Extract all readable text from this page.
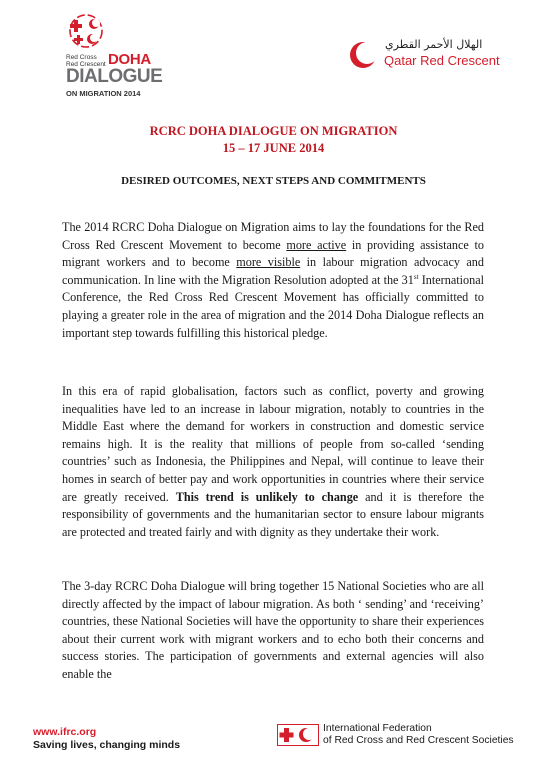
Red Cross
Red Crescent DOHA
DIALOGUE
ON MIGRATION 2014
الهلال الأحمر القطري
Qatar Red Crescent
RCRC DOHA DIALOGUE ON MIGRATION
15 – 17 JUNE 2014
DESIRED OUTCOMES, NEXT STEPS AND COMMITMENTS

The 2014 RCRC Doha Dialogue on Migration aims to lay the foundations for the Red Cross Red Crescent Movement to become more active in providing assistance to migrant workers and to become more visible in labour migration advocacy and communication. In line with the Migration Resolution adopted at the 31st International Conference, the Red Cross Red Crescent Movement has officially committed to playing a greater role in the area of migration and the 2014 Doha Dialogue reflects an important step towards fulfilling this historical pledge.

In this era of rapid globalisation, factors such as conflict, poverty and growing inequalities have led to an increase in labour migration, notably to countries in the Middle East where the demand for workers in construction and domestic service remains high. It is the reality that millions of people from so-called ‘sending countries’ such as Indonesia, the Philippines and Nepal, will continue to leave their homes in search of better pay and work opportunities in countries where their service are greatly received. This trend is unlikely to change and it is therefore the responsibility of governments and the humanitarian sector to ensure labour migrants are protected and treated fairly and with dignity as they undertake their work.

The 3-day RCRC Doha Dialogue will bring together 15 National Societies who are all directly affected by the impact of labour migration. As both ‘ sending’ and ‘receiving’ countries, these National Societies will have the opportunity to share their experiences about their current work with migrant workers and to echo both their concerns and success stories. The participation of governments and external agencies will also enable the

www.ifrc.org
Saving lives, changing minds
International Federation
of Red Cross and Red Crescent Societies
